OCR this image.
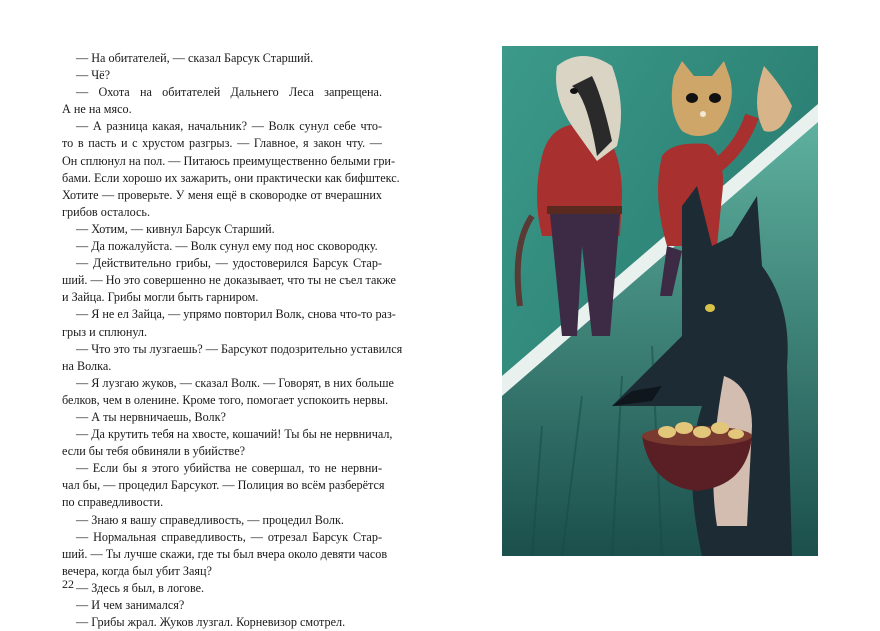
— На обитателей, — сказал Барсук Старший.
— Чё?
— Охота на обитателей Дальнего Леса запрещена.
А не на мясо.
— А разница какая, начальник? — Волк сунул себе что-
то в пасть и с хрустом разгрыз. — Главное, я закон чту. —
Он сплюнул на пол. — Питаюсь преимущественно белыми гри-
бами. Если хорошо их зажарить, они практически как бифштекс.
Хотите — проверьте. У меня ещё в сковородке от вчерашних
грибов осталось.
— Хотим, — кивнул Барсук Старший.
— Да пожалуйста. — Волк сунул ему под нос сковородку.
— Действительно грибы, — удостоверился Барсук Стар-
ший. — Но это совершенно не доказывает, что ты не съел также
и Зайца. Грибы могли быть гарниром.
— Я не ел Зайца, — упрямо повторил Волк, снова что-то раз-
грыз и сплюнул.
— Что это ты лузгаешь? — Барсукот подозрительно уставился
на Волка.
— Я лузгаю жуков, — сказал Волк. — Говорят, в них больше
белков, чем в оленине. Кроме того, помогает успокоить нервы.
— А ты нервничаешь, Волк?
— Да крутить тебя на хвосте, кошачий! Ты бы не нервничал,
если бы тебя обвиняли в убийстве?
— Если бы я этого убийства не совершал, то не нервни-
чал бы, — процедил Барсукот. — Полиция во всём разберётся
по справедливости.
— Знаю я вашу справедливость, — процедил Волк.
— Нормальная справедливость, — отрезал Барсук Стар-
ший. — Ты лучше скажи, где ты был вчера около девяти часов
вечера, когда был убит Заяц?
— Здесь я был, в логове.
— И чем занимался?
— Грибы жрал. Жуков лузгал. Корневизор смотрел.
22
